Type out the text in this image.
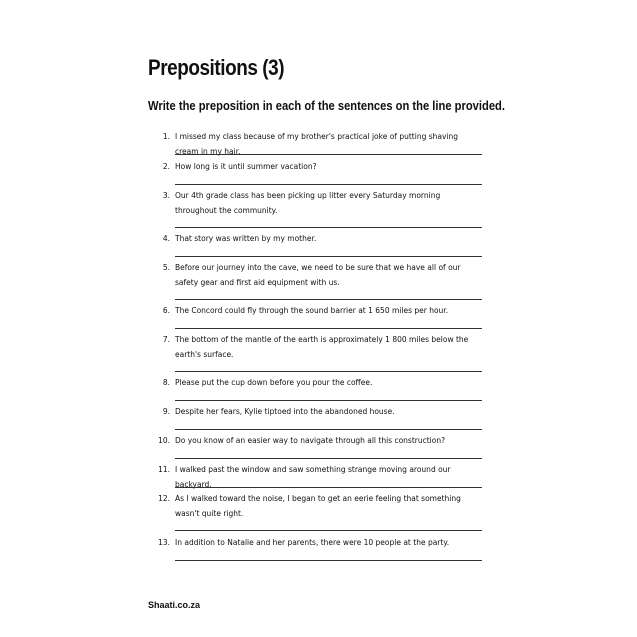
Prepositions (3)
Write the preposition in each of the sentences on the line provided.
1. I missed my class because of my brother's practical joke of putting shaving cream in my hair.
2. How long is it until summer vacation?
3. Our 4th grade class has been picking up litter every Saturday morning throughout the community.
4. That story was written by my mother.
5. Before our journey into the cave, we need to be sure that we have all of our safety gear and first aid equipment with us.
6. The Concord could fly through the sound barrier at 1 650 miles per hour.
7. The bottom of the mantle of the earth is approximately 1 800 miles below the earth's surface.
8. Please put the cup down before you pour the coffee.
9. Despite her fears, Kylie tiptoed into the abandoned house.
10. Do you know of an easier way to navigate through all this construction?
11. I walked past the window and saw something strange moving around our backyard.
12. As I walked toward the noise, I began to get an eerie feeling that something wasn't quite right.
13. In addition to Natalie and her parents, there were 10 people at the party.
Shaati.co.za
